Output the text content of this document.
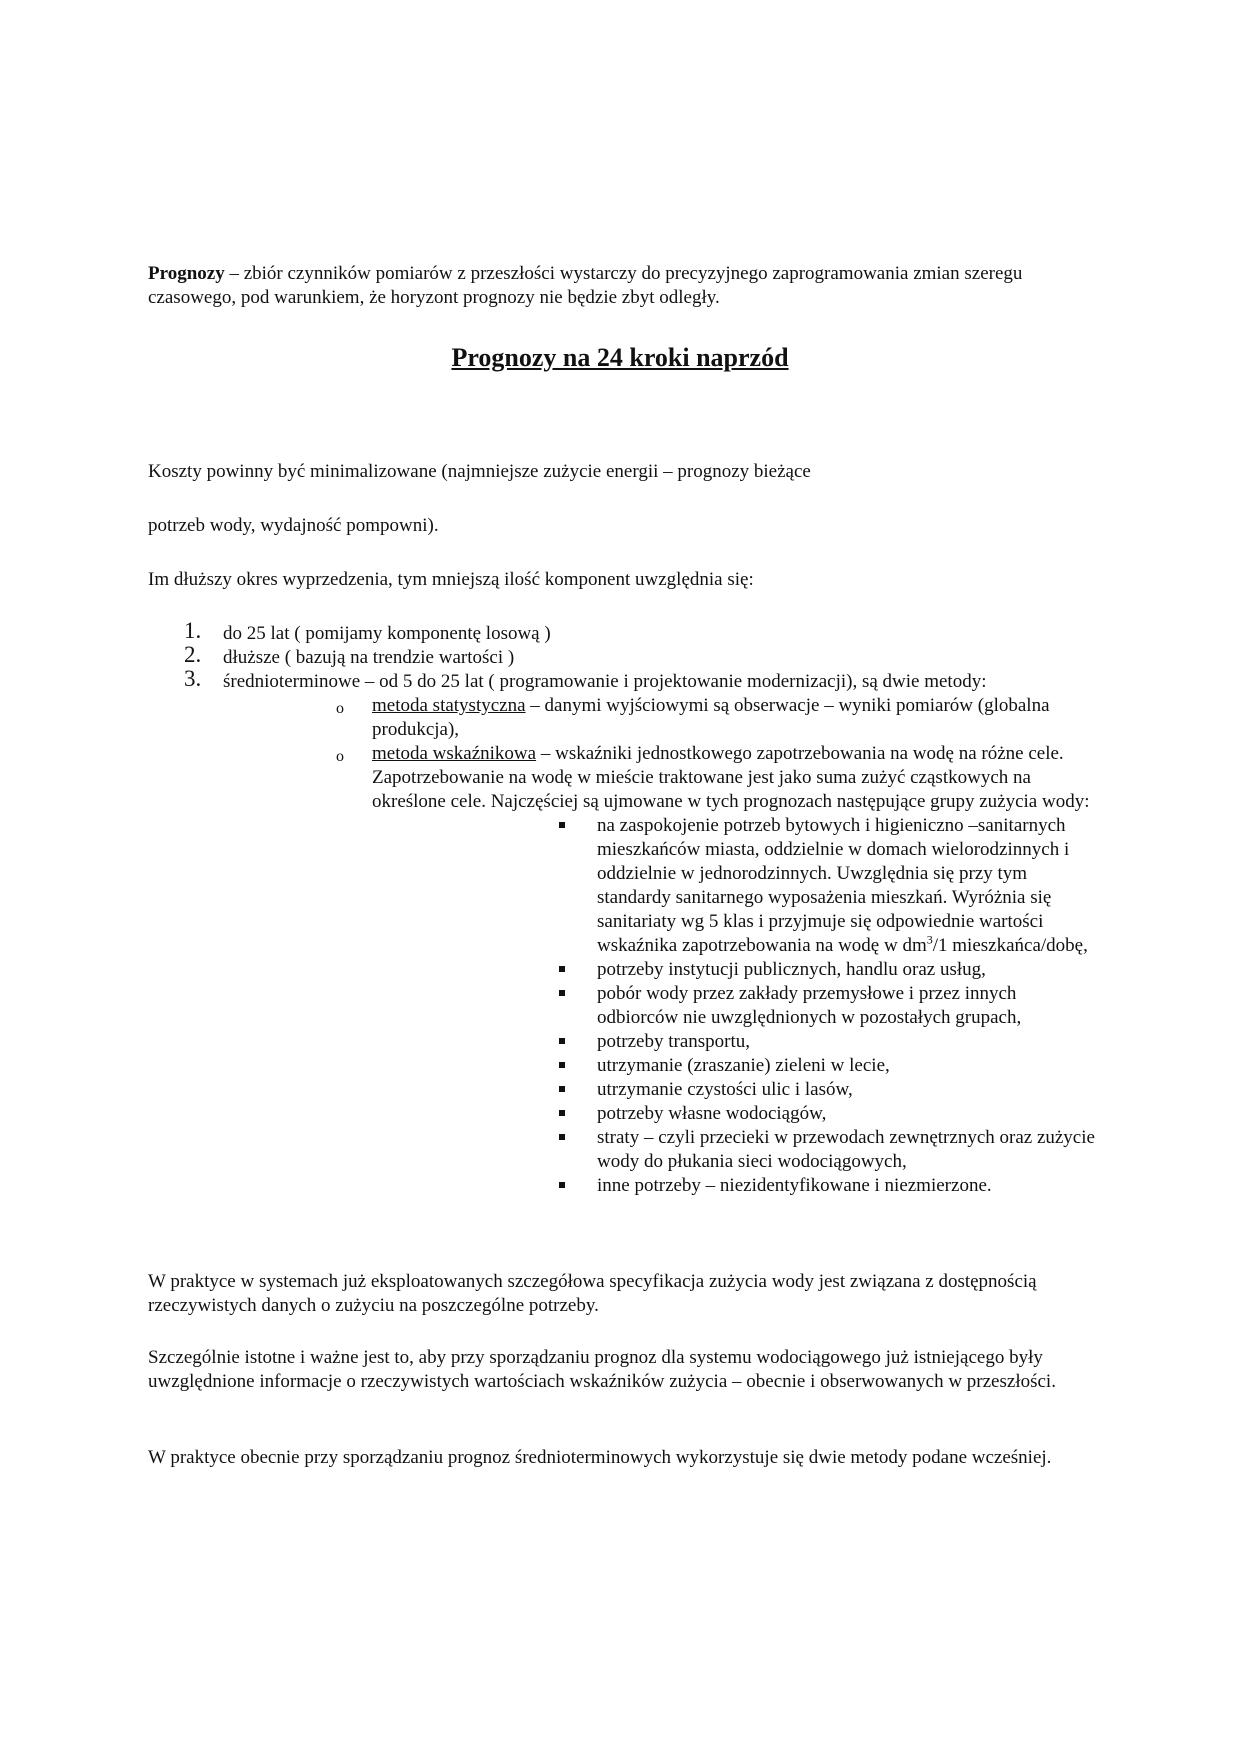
Prognozy – zbiór czynników pomiarów z przeszłości wystarczy do precyzyjnego zaprogramowania zmian szeregu czasowego, pod warunkiem, że horyzont prognozy nie będzie zbyt odległy.

Prognozy na 24 kroki naprzód

Koszty powinny być minimalizowane (najmniejsze zużycie energii – prognozy bieżące

potrzeb wody, wydajność pompowni).

Im dłuższy okres wyprzedzenia, tym mniejszą ilość komponent uwzględnia się:

1. do 25 lat ( pomijamy komponentę losową )
2. dłuższe ( bazują na trendzie wartości )
3. średnioterminowe – od 5 do 25 lat ( programowanie i projektowanie modernizacji), są dwie metody:
o metoda statystyczna – danymi wyjściowymi są obserwacje – wyniki pomiarów (globalna produkcja),
o metoda wskaźnikowa – wskaźniki jednostkowego zapotrzebowania na wodę na różne cele. Zapotrzebowanie na wodę w mieście traktowane jest jako suma zużyć cząstkowych na określone cele. Najczęściej są ujmowane w tych prognozach następujące grupy zużycia wody:
na zaspokojenie potrzeb bytowych i higieniczno –sanitarnych mieszkańców miasta, oddzielnie w domach wielorodzinnych i oddzielnie w jednorodzinnych. Uwzględnia się przy tym standardy sanitarnego wyposażenia mieszkań. Wyróżnia się sanitariaty wg 5 klas i przyjmuje się odpowiednie wartości wskaźnika zapotrzebowania na wodę w $dm^3/1$ mieszkańca/dobę,
potrzeby instytucji publicznych, handlu oraz usług,
pobór wody przez zakłady przemysłowe i przez innych odbiorców nie uwzględnionych w pozostałych grupach,
potrzeby transportu,
utrzymanie (zraszanie) zieleni w lecie,
utrzymanie czystości ulic i lasów,
potrzeby własne wodociągów,
straty – czyli przecieki w przewodach zewnętrznych oraz zużycie wody do płukania sieci wodociągowych,
inne potrzeby – niezidentyfikowane i niezmierzone.

W praktyce w systemach już eksploatowanych szczegółowa specyfikacja zużycia wody jest związana z dostępnością rzeczywistych danych o zużyciu na poszczególne potrzeby.

Szczególnie istotne i ważne jest to, aby przy sporządzaniu prognoz dla systemu wodociągowego już istniejącego były uwzględnione informacje o rzeczywistych wartościach wskaźników zużycia – obecnie i obserwowanych w przeszłości.

W praktyce obecnie przy sporządzaniu prognoz średnioterminowych wykorzystuje się dwie metody podane wcześniej.
